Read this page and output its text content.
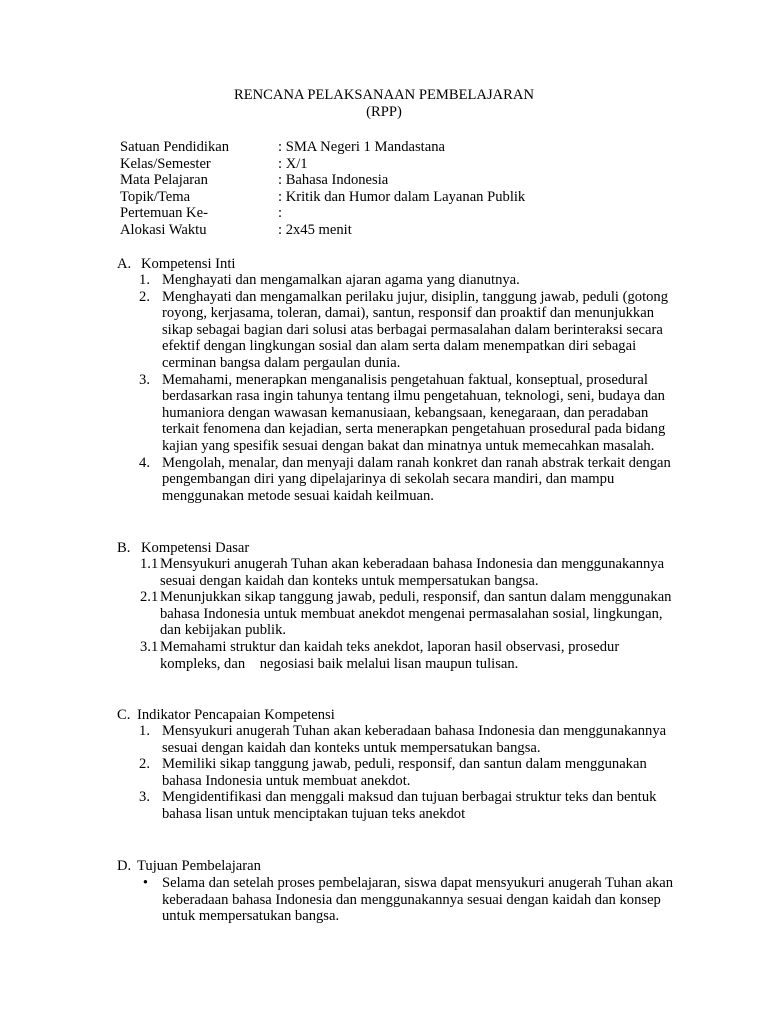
RENCANA PELAKSANAAN PEMBELAJARAN
(RPP)
Satuan Pendidikan	: SMA Negeri 1 Mandastana
Kelas/Semester	: X/1
Mata Pelajaran	: Bahasa Indonesia
Topik/Tema	: Kritik dan Humor dalam Layanan Publik
Pertemuan Ke-	:
Alokasi Waktu	: 2x45 menit
A. Kompetensi Inti
1. Menghayati dan mengamalkan ajaran agama yang dianutnya.
2. Menghayati dan mengamalkan perilaku jujur, disiplin, tanggung jawab, peduli (gotong royong, kerjasama, toleran, damai), santun, responsif dan proaktif dan menunjukkan sikap sebagai bagian dari solusi atas berbagai permasalahan dalam berinteraksi secara efektif dengan lingkungan sosial dan alam serta dalam menempatkan diri sebagai cerminan bangsa dalam pergaulan dunia.
3. Memahami, menerapkan menganalisis pengetahuan faktual, konseptual, prosedural berdasarkan rasa ingin tahunya tentang ilmu pengetahuan, teknologi, seni, budaya dan humaniora dengan wawasan kemanusiaan, kebangsaan, kenegaraan, dan peradaban terkait fenomena dan kejadian, serta menerapkan pengetahuan prosedural pada bidang kajian yang spesifik sesuai dengan bakat dan minatnya untuk memecahkan masalah.
4. Mengolah, menalar, dan menyaji dalam ranah konkret dan ranah abstrak terkait dengan pengembangan diri yang dipelajarinya di sekolah secara mandiri, dan mampu menggunakan metode sesuai kaidah keilmuan.
B. Kompetensi Dasar
1.1 Mensyukuri anugerah Tuhan akan keberadaan bahasa Indonesia dan menggunakannya sesuai dengan kaidah dan konteks untuk mempersatukan bangsa.
2.1 Menunjukkan sikap tanggung jawab, peduli, responsif, dan santun dalam menggunakan bahasa Indonesia untuk membuat anekdot mengenai permasalahan sosial, lingkungan, dan kebijakan publik.
3.1 Memahami struktur dan kaidah teks anekdot, laporan hasil observasi, prosedur kompleks, dan    negosiasi baik melalui lisan maupun tulisan.
C. Indikator Pencapaian Kompetensi
1. Mensyukuri anugerah Tuhan akan keberadaan bahasa Indonesia dan menggunakannya sesuai dengan kaidah dan konteks untuk mempersatukan bangsa.
2. Memiliki sikap tanggung jawab, peduli, responsif, dan santun dalam menggunakan bahasa Indonesia untuk membuat anekdot.
3. Mengidentifikasi dan menggali maksud dan tujuan berbagai struktur teks dan bentuk bahasa lisan untuk menciptakan tujuan teks anekdot
D. Tujuan Pembelajaran
• Selama dan setelah proses pembelajaran, siswa dapat mensyukuri anugerah Tuhan akan keberadaan bahasa Indonesia dan menggunakannya sesuai dengan kaidah dan konsep untuk mempersatukan bangsa.
